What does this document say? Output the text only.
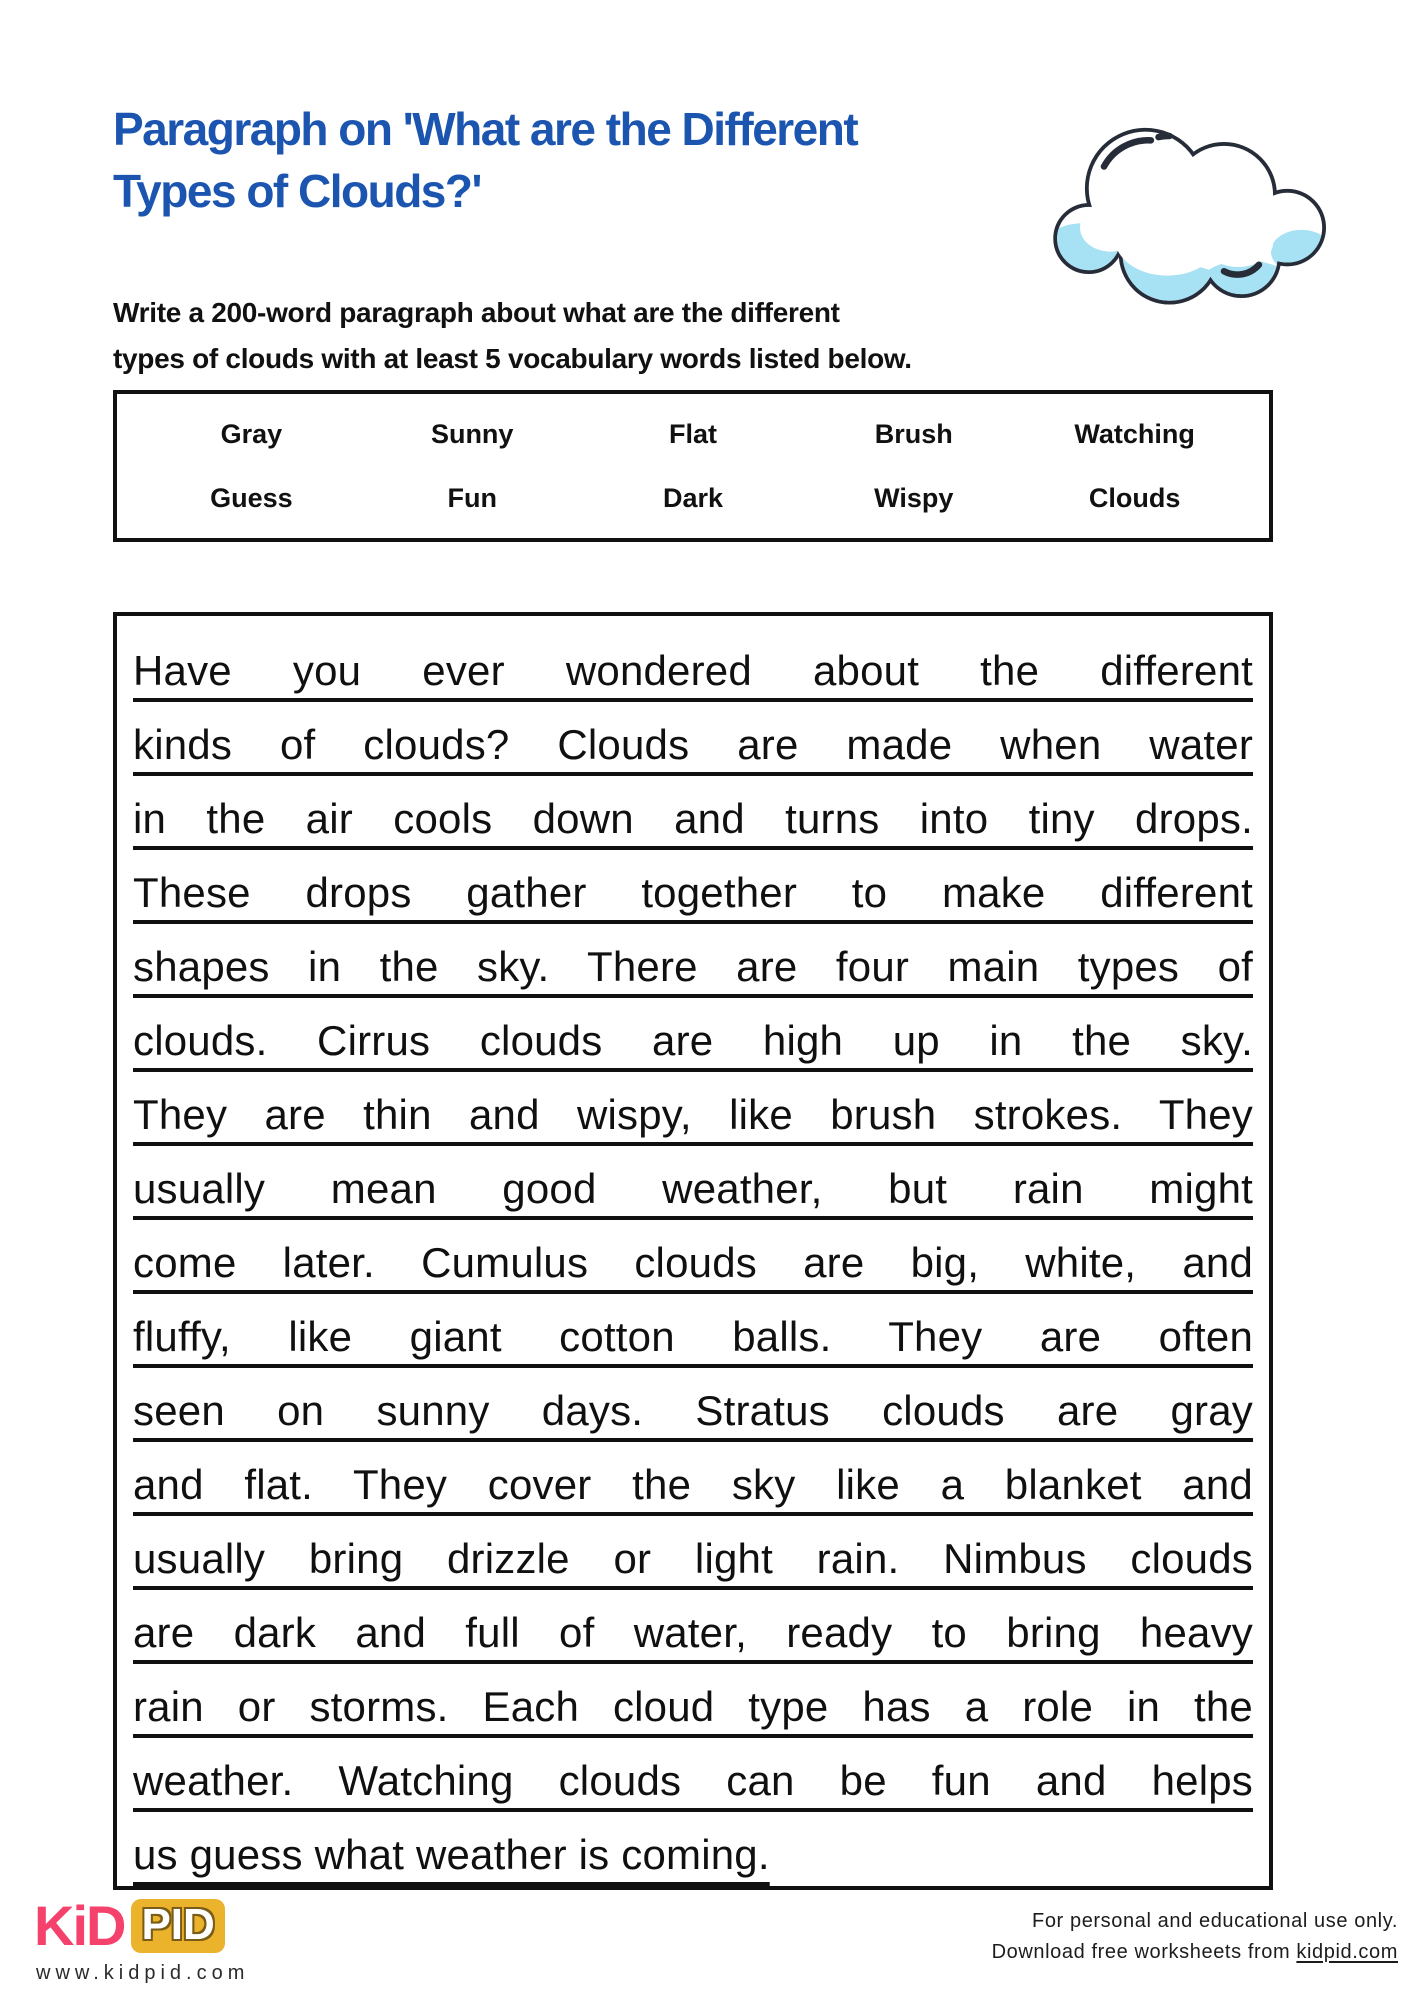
Paragraph on 'What are the Different
Types of Clouds?'
Write a 200-word paragraph about what are the different
types of clouds with at least 5 vocabulary words listed below.
Gray	Sunny	Flat	Brush	Watching
Guess	Fun	Dark	Wispy	Clouds
Have you ever wondered about the different
kinds of clouds? Clouds are made when water
in the air cools down and turns into tiny drops.
These drops gather together to make different
shapes in the sky. There are four main types of
clouds. Cirrus clouds are high up in the sky.
They are thin and wispy, like brush strokes. They
usually mean good weather, but rain might
come later. Cumulus clouds are big, white, and
fluffy, like giant cotton balls. They are often
seen on sunny days. Stratus clouds are gray
and flat. They cover the sky like a blanket and
usually bring drizzle or light rain. Nimbus clouds
are dark and full of water, ready to bring heavy
rain or storms. Each cloud type has a role in the
weather. Watching clouds can be fun and helps
us guess what weather is coming.
KiD PID
www.kidpid.com
For personal and educational use only.
Download free worksheets from kidpid.com
